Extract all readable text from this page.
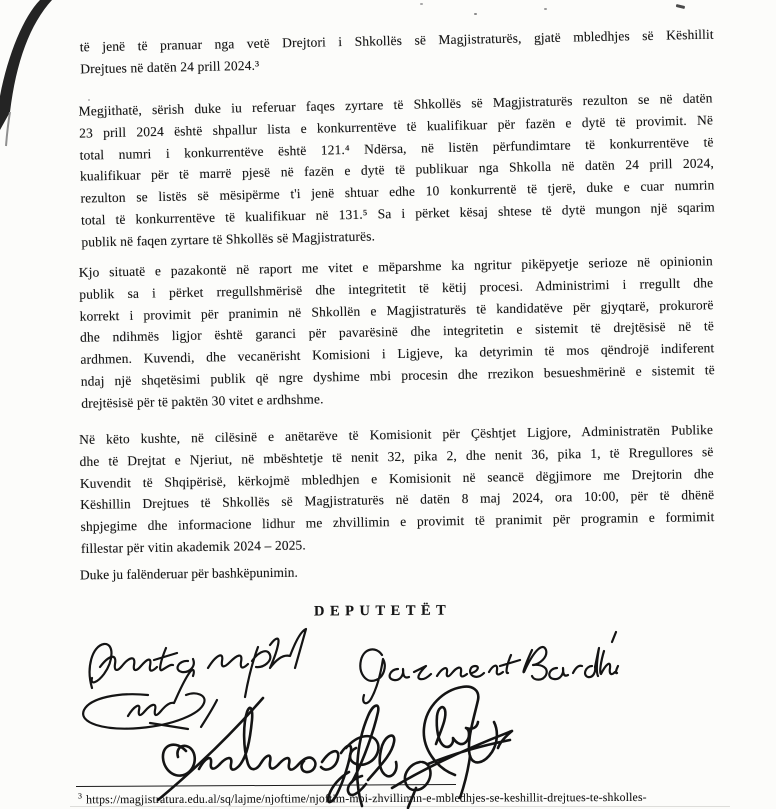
të jenë të pranuar nga vetë Drejtori i Shkollës së Magjistraturës, gjatë mbledhjes së Këshillit
Drejtues në datën 24 prill 2024.³
Megjithatë, sërish duke iu referuar faqes zyrtare të Shkollës së Magjistraturës rezulton se në datën
23 prill 2024 është shpallur lista e konkurrentëve të kualifikuar për fazën e dytë të provimit. Në
total numri i konkurrentëve është 121.⁴ Ndërsa, në listën përfundimtare të konkurrentëve të
kualifikuar për të marrë pjesë në fazën e dytë të publikuar nga Shkolla në datën 24 prill 2024,
rezulton se listës së mësipërme t'i jenë shtuar edhe 10 konkurrentë të tjerë, duke e cuar numrin
total të konkurrentëve të kualifikuar në 131.⁵ Sa i përket kësaj shtese të dytë mungon një sqarim
publik në faqen zyrtare të Shkollës së Magjistraturës.
Kjo situatë e pazakontë në raport me vitet e mëparshme ka ngritur pikëpyetje serioze në opinionin
publik sa i përket rregullshmërisë dhe integritetit të këtij procesi. Administrimi i rregullt dhe
korrekt i provimit për pranimin në Shkollën e Magjistraturës të kandidatëve për gjyqtarë, prokurorë
dhe ndihmës ligjor është garanci për pavarësinë dhe integritetin e sistemit të drejtësisë në të
ardhmen. Kuvendi, dhe vecanërisht Komisioni i Ligjeve, ka detyrimin të mos qëndrojë indiferent
ndaj një shqetësimi publik që ngre dyshime mbi procesin dhe rrezikon besueshmërinë e sistemit të
drejtësisë për të paktën 30 vitet e ardhshme.
Në këto kushte, në cilësinë e anëtarëve të Komisionit për Çështjet Ligjore, Administratën Publike
dhe të Drejtat e Njeriut, në mbështetje të nenit 32, pika 2, dhe nenit 36, pika 1, të Rregullores së
Kuvendit të Shqipërisë, kërkojmë mbledhjen e Komisionit në seancë dëgjimore me Drejtorin dhe
Këshillin Drejtues të Shkollës së Magjistraturës në datën 8 maj 2024, ora 10:00, për të dhënë
shpjegime dhe informacione lidhur me zhvillimin e provimit të pranimit për programin e formimit
fillestar për vitin akademik 2024 – 2025.
Duke ju falënderuar për bashkëpunimin.
DEPUTETËT
$^3$ https://magjistratura.edu.al/sq/lajme/njoftime/njoftim-mbi-zhvillimin-e-mbledhjes-se-keshillit-drejtues-te-shkolles-
